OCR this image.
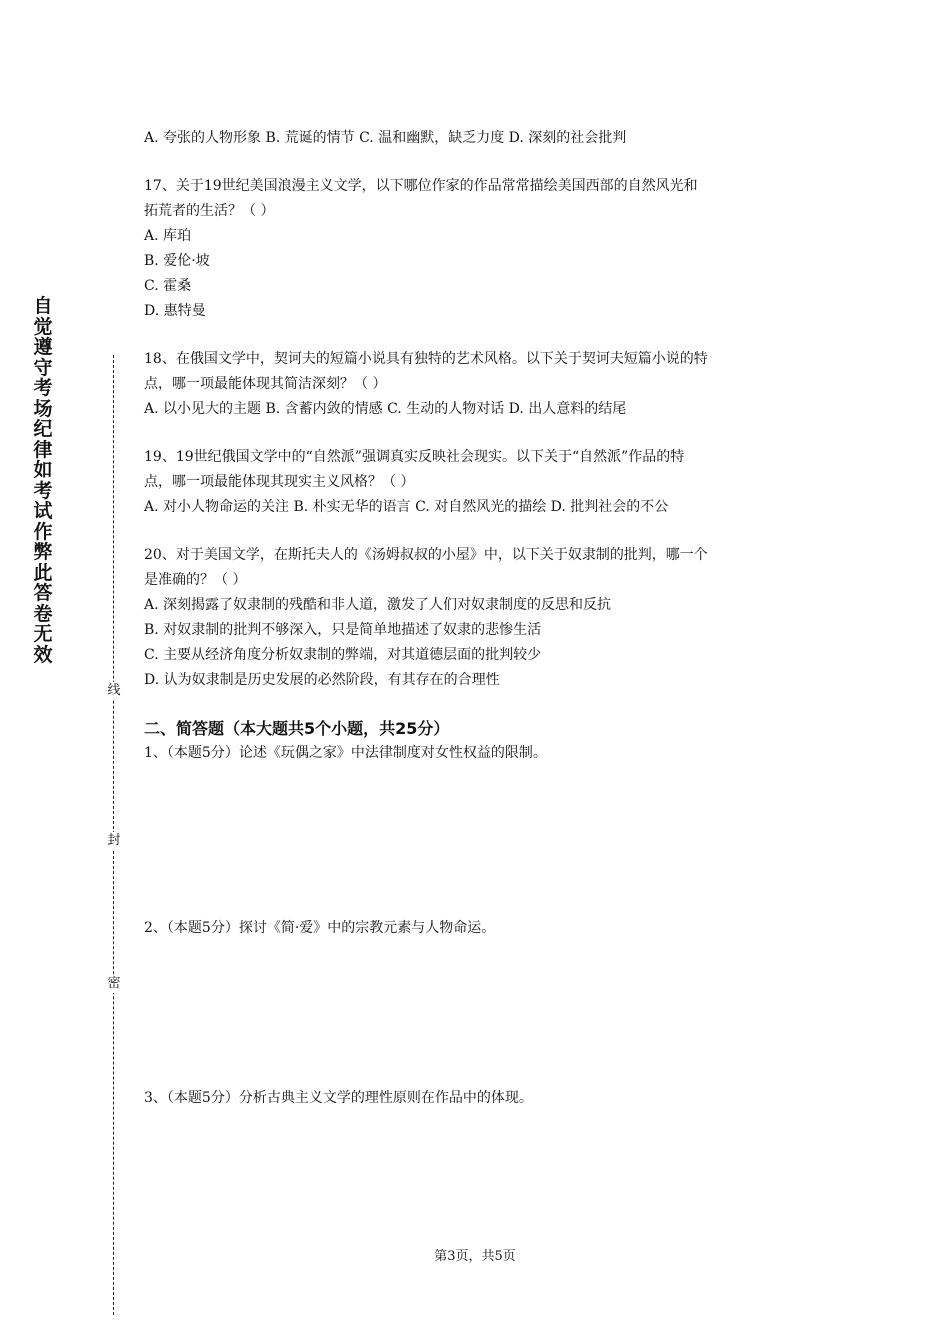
自觉遵守考场纪律如考试作弊此答卷无效
线
封
密
A. 夸张的人物形象 B. 荒诞的情节 C. 温和幽默，缺乏力度 D. 深刻的社会批判
17、关于19世纪美国浪漫主义文学，以下哪位作家的作品常常描绘美国西部的自然风光和
拓荒者的生活？（ ）
A. 库珀
B. 爱伦·坡
C. 霍桑
D. 惠特曼
18、在俄国文学中，契诃夫的短篇小说具有独特的艺术风格。以下关于契诃夫短篇小说的特
点，哪一项最能体现其简洁深刻？（ ）
A. 以小见大的主题 B. 含蓄内敛的情感 C. 生动的人物对话 D. 出人意料的结尾
19、19世纪俄国文学中的“自然派”强调真实反映社会现实。以下关于“自然派”作品的特
点，哪一项最能体现其现实主义风格？（ ）
A. 对小人物命运的关注 B. 朴实无华的语言 C. 对自然风光的描绘 D. 批判社会的不公
20、对于美国文学，在斯托夫人的《汤姆叔叔的小屋》中，以下关于奴隶制的批判，哪一个
是准确的？（ ）
A. 深刻揭露了奴隶制的残酷和非人道，激发了人们对奴隶制度的反思和反抗
B. 对奴隶制的批判不够深入，只是简单地描述了奴隶的悲惨生活
C. 主要从经济角度分析奴隶制的弊端，对其道德层面的批判较少
D. 认为奴隶制是历史发展的必然阶段，有其存在的合理性
二、简答题（本大题共5个小题，共25分）
1、（本题5分）论述《玩偶之家》中法律制度对女性权益的限制。
2、（本题5分）探讨《简·爱》中的宗教元素与人物命运。
3、（本题5分）分析古典主义文学的理性原则在作品中的体现。
第3页，共5页
